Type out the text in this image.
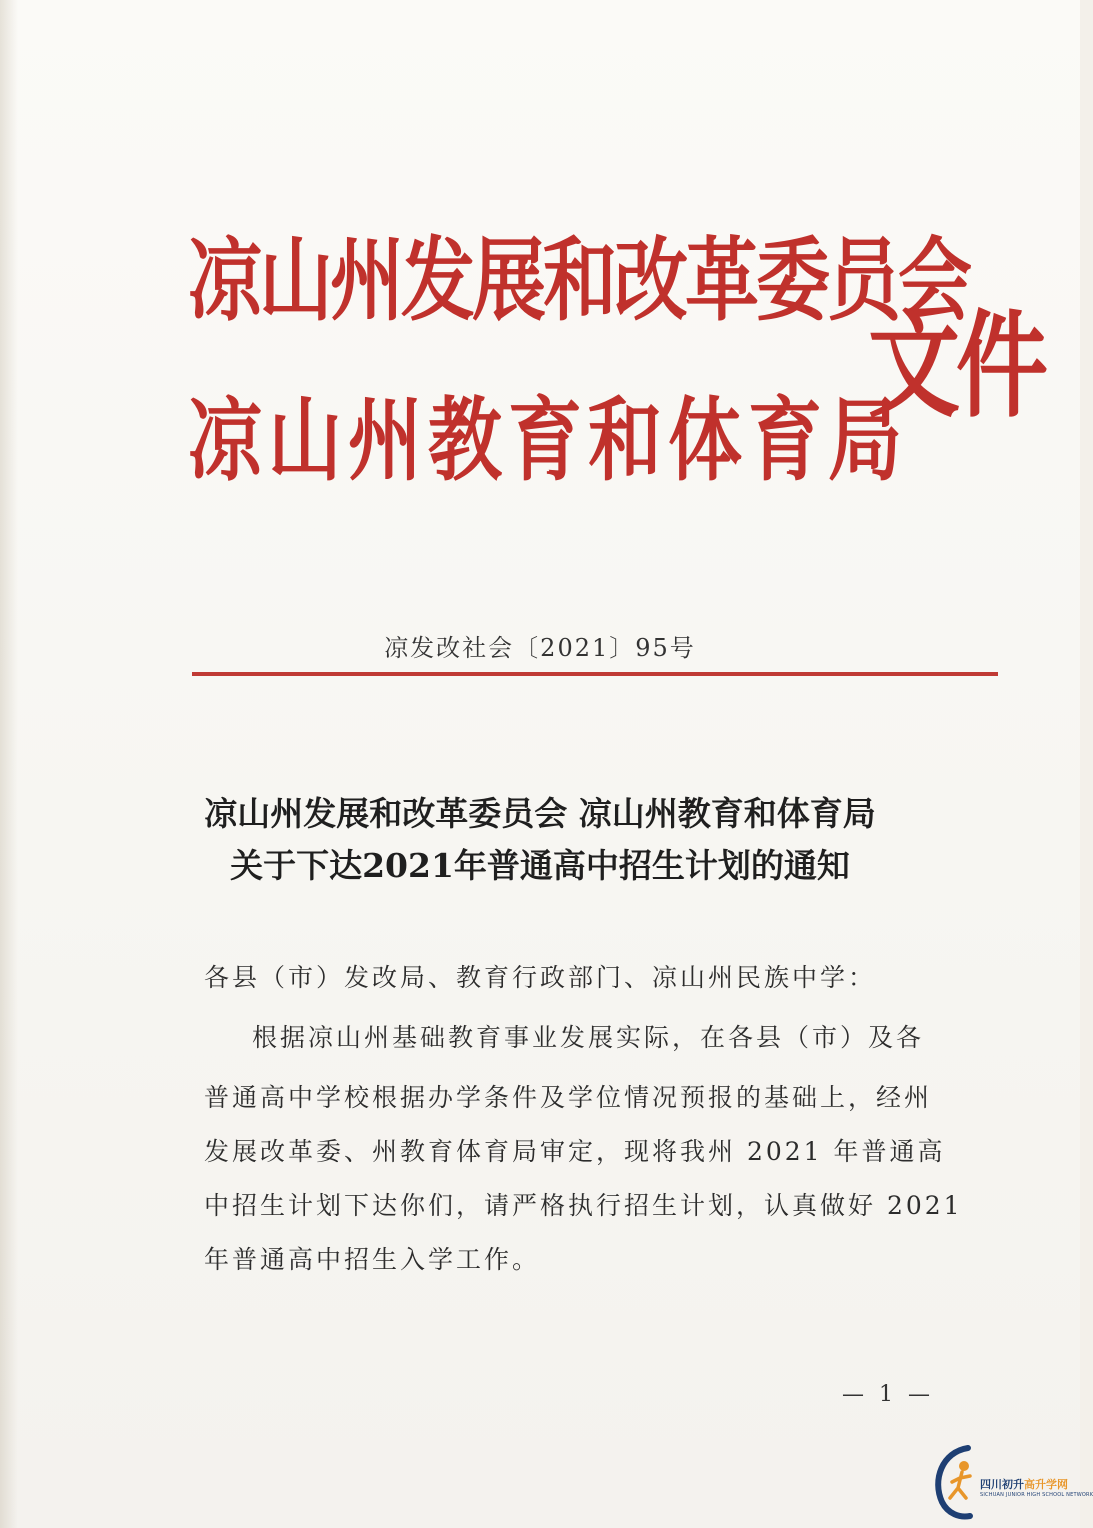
凉山州发展和改革委员会
凉山州教育和体育局
文件
凉发改社会〔2021〕95号
凉山州发展和改革委员会 凉山州教育和体育局
关于下达2021年普通高中招生计划的通知
各县（市）发改局、教育行政部门、凉山州民族中学：
根据凉山州基础教育事业发展实际，在各县（市）及各
普通高中学校根据办学条件及学位情况预报的基础上，经州
发展改革委、州教育体育局审定，现将我州 2021 年普通高
中招生计划下达你们，请严格执行招生计划，认真做好 2021
年普通高中招生入学工作。
— 1 —
四川初升高升学网
SICHUAN JUNIOR HIGH SCHOOL NETWORK
